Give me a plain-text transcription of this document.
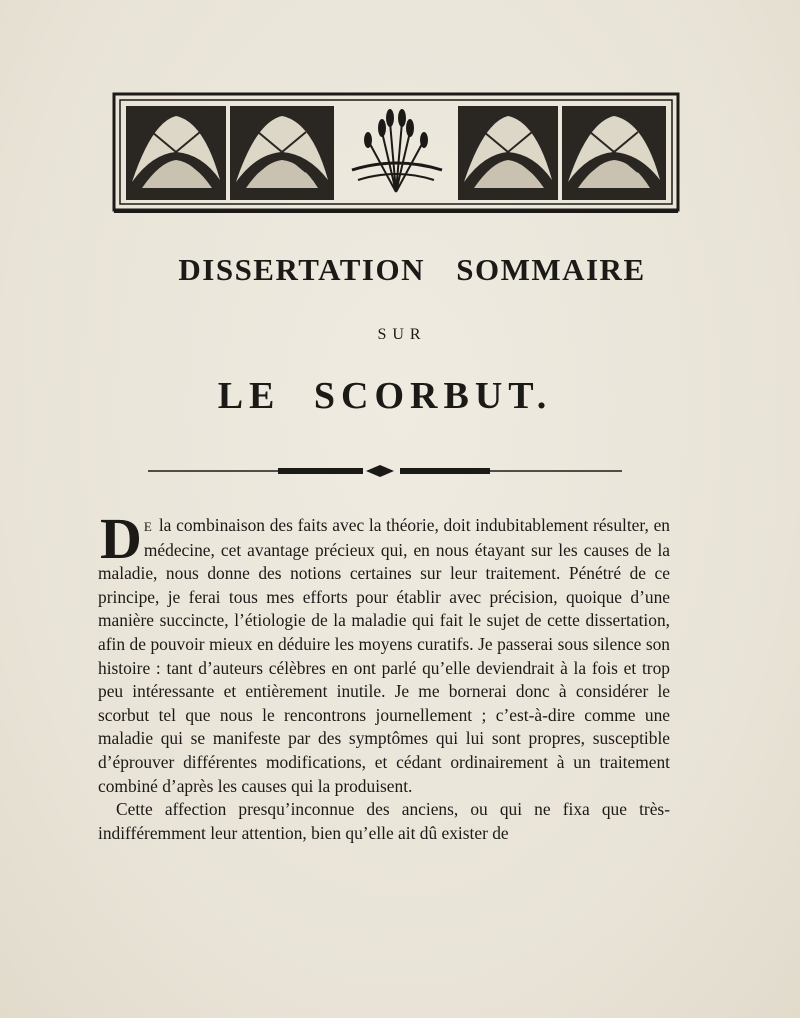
DISSERTATION SOMMAIRE
SUR
LE SCORBUT.

D E la combinaison des faits avec la théorie, doit indubitablement résulter, en médecine, cet avantage précieux qui, en nous étayant sur les causes de la maladie, nous donne des notions certaines sur leur traitement. Pénétré de ce principe, je ferai tous mes efforts pour établir avec précision, quoique d’une manière succincte, l’étiologie de la maladie qui fait le sujet de cette dissertation, afin de pouvoir mieux en déduire les moyens curatifs. Je passerai sous silence son histoire : tant d’auteurs célèbres en ont parlé qu’elle deviendrait à la fois et trop peu intéressante et entièrement inutile. Je me bornerai donc à considérer le scorbut tel que nous le rencontrons journellement ; c’est-à-dire comme une maladie qui se manifeste par des symptômes qui lui sont propres, susceptible d’éprouver différentes modifications, et cédant ordinairement à un traitement combiné d’après les causes qui la produisent.

Cette affection presqu’inconnue des anciens, ou qui ne fixa que très-indifféremment leur attention, bien qu’elle ait dû exister de
